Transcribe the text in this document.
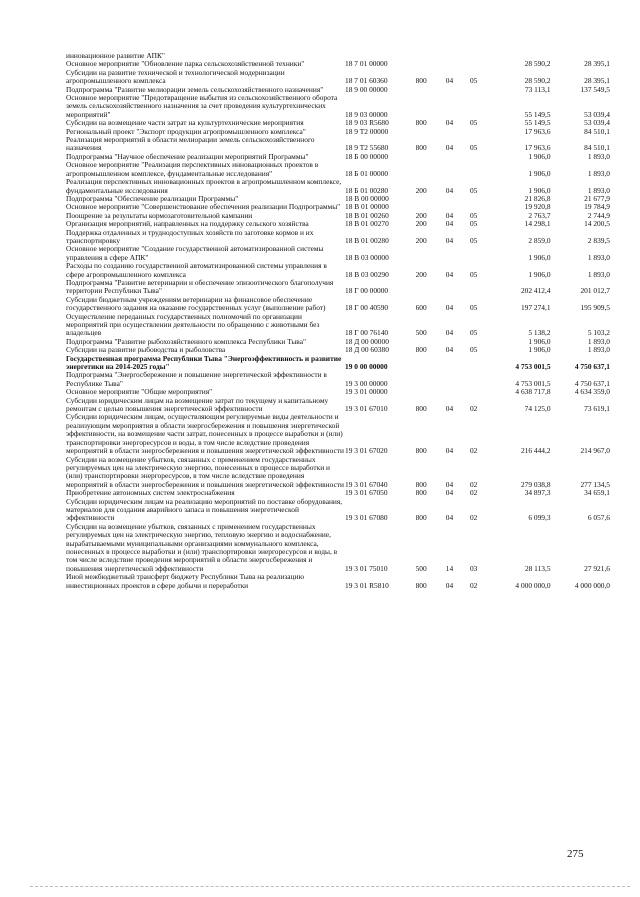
инновационное развитие АПК"						
Основное мероприятие "Обновление парка сельскохозяйственной техники"	18 7 01 00000				28 590,2	28 395,1
Субсидии на развитие технической и технологической модернизации агропромышленного комплекса	18 7 01 60360	800	04	05	28 590,2	28 395,1
Подпрограмма "Развитие мелиорации земель сельскохозяйственного назначения"	18 9 00 00000				73 113,1	137 549,5
Основное мероприятие "Предотвращение выбытия из сельскохозяйственного оборота земель сельскохозяйственного назначения за счет проведения культуртехнических мероприятий"	18 9 03 00000				55 149,5	53 039,4
Субсидии на возмещение части затрат на культуртехнические мероприятия	18 9 03 R5680	800	04	05	55 149,5	53 039,4
Региональный проект "Экспорт продукции агропромышленного комплекса"	18 9 T2 00000				17 963,6	84 510,1
Реализация мероприятий в области мелиорации земель сельскохозяйственного назначения	18 9 T2 55680	800	04	05	17 963,6	84 510,1
Подпрограмма "Научное обеспечение реализации мероприятий Программы"	18 Б 00 00000				1 906,0	1 893,0
Основное мероприятие "Реализация перспективных инновационных проектов в агропромышленном комплексе, фундаментальные исследования"	18 Б 01 00000				1 906,0	1 893,0
Реализация перспективных инновационных проектов в агропромышленном комплексе, фундаментальные исследования	18 Б 01 00280	200	04	05	1 906,0	1 893,0
Подпрограмма "Обеспечение реализации Программы"	18 В 00 00000				21 826,8	21 677,9
Основное мероприятие "Совершенствование обеспечения реализации Подпрограммы"	18 В 01 00000				19 920,8	19 784,9
Поощрение за результаты кормозаготовительной кампании	18 В 01 00260	200	04	05	2 763,7	2 744,9
Организация мероприятий, направленных на поддержку сельского хозяйства	18 В 01 00270	200	04	05	14 298,1	14 200,5
Поддержка отдаленных и труднодоступных хозяйств по заготовке кормов и их транспортировку	18 В 01 00280	200	04	05	2 859,0	2 839,5
Основное мероприятие "Создание государственной автоматизированной системы управления в сфере АПК"	18 В 03 00000				1 906,0	1 893,0
Расходы по созданию государственной автоматизированной системы управления в сфере агропромышленного комплекса	18 В 03 00290	200	04	05	1 906,0	1 893,0
Подпрограмма "Развитие ветеринарии и обеспечение эпизоотического благополучия территории Республики Тыва"	18 Г 00 00000				202 412,4	201 012,7
Субсидии бюджетным учреждениям ветеринарии на финансовое обеспечение государственного задания на оказание государственных услуг (выполнение работ)	18 Г 00 40590	600	04	05	197 274,1	195 909,5
Осуществление переданных государственных полномочий по организации мероприятий при осуществлении деятельности по обращению с животными без владельцев	18 Г 00 76140	500	04	05	5 138,2	5 103,2
Подпрограмма "Развитие рыбохозяйственного комплекса Республики Тыва"	18 Д 00 00000				1 906,0	1 893,0
Субсидии на развитие рыбоводства и рыболовства	18 Д 00 60380	800	04	05	1 906,0	1 893,0
Государственная программа Республики Тыва "Энергоэффективность и развитие энергетики на 2014-2025 годы"	19 0 00 00000				4 753 001,5	4 750 637,1
Подпрограмма "Энергосбережение и повышение энергетической эффективности в Республике Тыва"	19 3 00 00000				4 753 001,5	4 750 637,1
Основное мероприятие "Общие мероприятия"	19 3 01 00000				4 638 717,8	4 634 359,0
Субсидии юридическим лицам на возмещение затрат по текущему и капитальному ремонтам с целью повышения энергетической эффективности	19 3 01 67010	800	04	02	74 125,0	73 619,1
Субсидии юридическим лицам, осуществляющим регулируемые виды деятельности и реализующим мероприятия в области энергосбережения и повышения энергетической эффективности, на возмещение части затрат, понесенных в процессе выработки и (или) транспортировки энергоресурсов и воды, в том числе вследствие проведения мероприятий в области энергосбережения и повышения энергетической эффективности	19 3 01 67020	800	04	02	216 444,2	214 967,0
Субсидии на возмещение убытков, связанных с применением государственных регулируемых цен на электрическую энергию, понесенных в процессе выработки и (или) транспортировки энергоресурсов, в том числе вследствие проведения мероприятий в области энергосбережения и повышения энергетической эффективности	19 3 01 67040	800	04	02	279 038,8	277 134,5
Приобретение автономных систем электроснабжения	19 3 01 67050	800	04	02	34 897,3	34 659,1
Субсидии юридическим лицам на реализацию мероприятий по поставке оборудования, материалов для создания аварийного запаса и повышения энергетической эффективности	19 3 01 67080	800	04	02	6 099,3	6 057,6
Субсидии на возмещение убытков, связанных с применением государственных регулируемых цен на электрическую энергию, тепловую энергию и водоснабжение, вырабатываемыми муниципальными организациями коммунального комплекса, понесенных в процессе выработки и (или) транспортировки энергоресурсов и воды, в том числе вследствие проведения мероприятий в области энергосбережения и повышения энергетической эффективности	19 3 01 75010	500	14	03	28 113,5	27 921,6
Иной межбюджетный трансферт бюджету Республики Тыва на реализацию инвестиционных проектов в сфере добычи и переработки	19 3 01 R5810	800	04	02	4 000 000,0	4 000 000,0
275
